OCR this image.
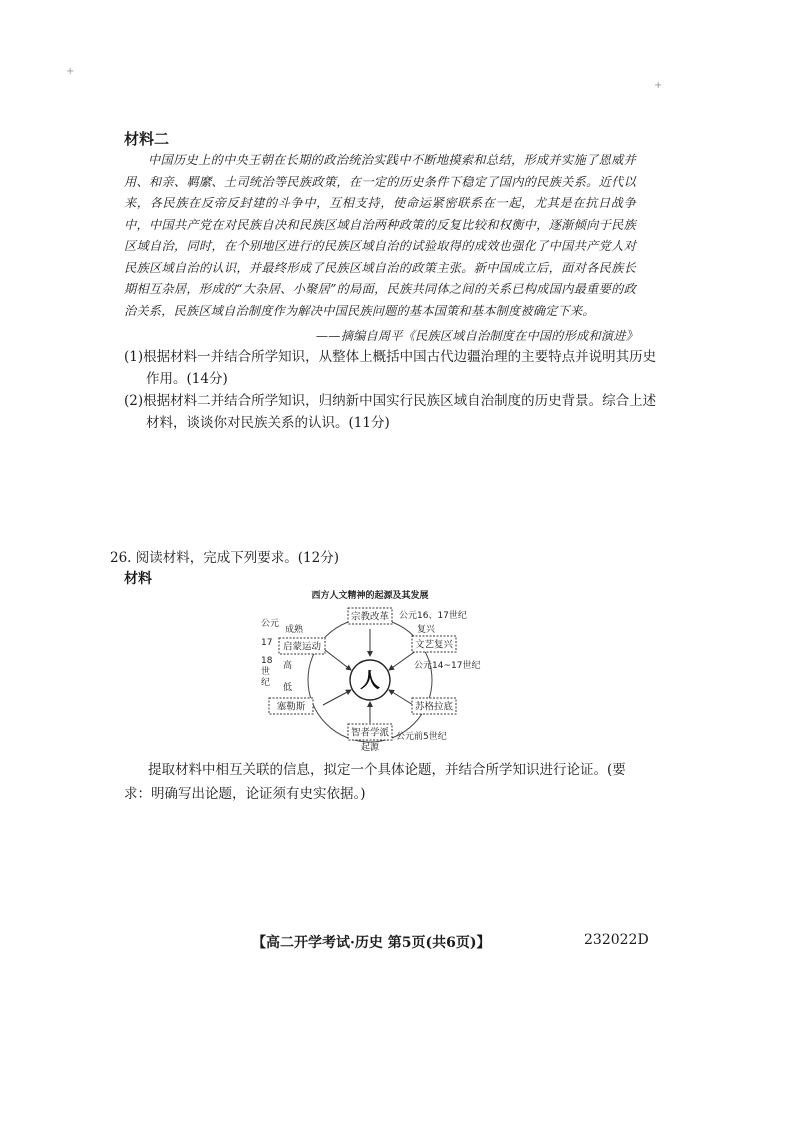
+
+
材料二
中国历史上的中央王朝在长期的政治统治实践中不断地摸索和总结，形成并实施了恩威并用、和亲、羁縻、土司统治等民族政策，在一定的历史条件下稳定了国内的民族关系。近代以来，各民族在反帝反封建的斗争中，互相支持，使命运紧密联系在一起，尤其是在抗日战争中，中国共产党在对民族自决和民族区域自治两种政策的反复比较和权衡中，逐渐倾向于民族区域自治，同时，在个别地区进行的民族区域自治的试验取得的成效也强化了中国共产党人对民族区域自治的认识，并最终形成了民族区域自治的政策主张。新中国成立后，面对各民族长期相互杂居，形成的“大杂居、小聚居”的局面，民族共同体之间的关系已构成国内最重要的政治关系，民族区域自治制度作为解决中国民族问题的基本国策和基本制度被确定下来。
——摘编自周平《民族区域自治制度在中国的形成和演进》
(1)根据材料一并结合所学知识，从整体上概括中国古代边疆治理的主要特点并说明其历史作用。(14分)
(2)根据材料二并结合所学知识，归纳新中国实行民族区域自治制度的历史背景。综合上述材料，谈谈你对民族关系的认识。(11分)
26. 阅读材料，完成下列要求。(12分)
材料
西方人文精神的起源及其发展
人
宗教改革
文艺复兴
苏格拉底
智者学派
塞勒斯
启蒙运动
公元16、17世纪
复兴
公元14~17世纪
成熟
公元
17
18
世
纪
高
低
公元前5世纪
起源
提取材料中相互关联的信息，拟定一个具体论题，并结合所学知识进行论证。(要求：明确写出论题，论证须有史实依据。)
【高二开学考试·历史 第5页(共6页)】	232022D
